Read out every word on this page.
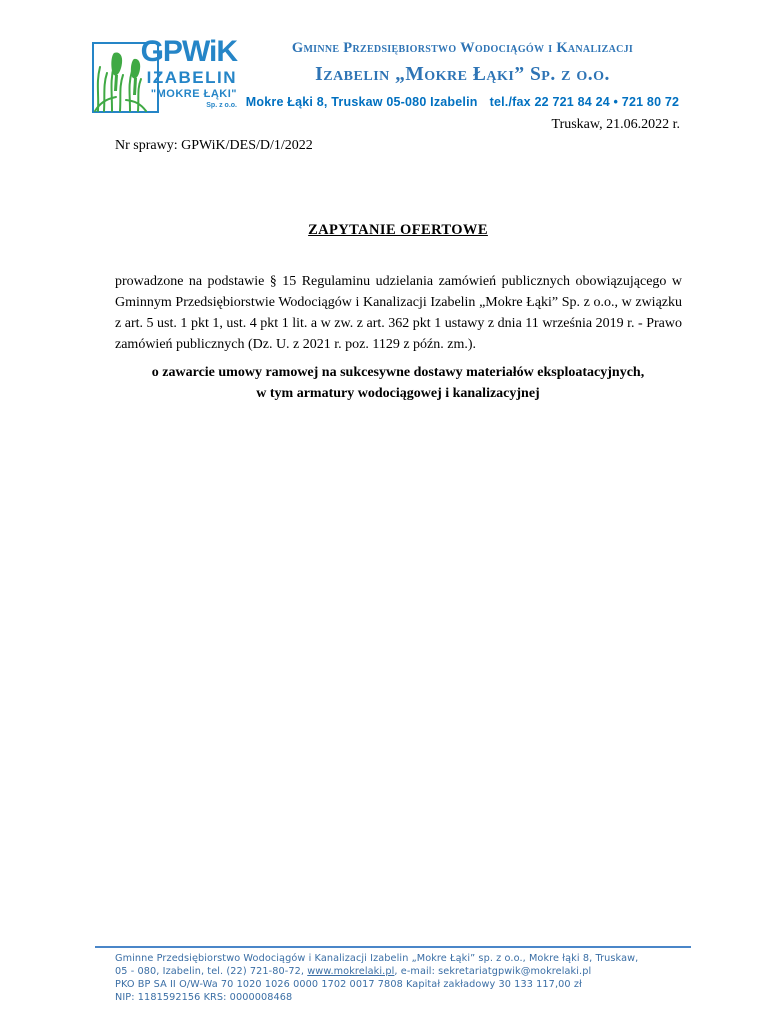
GPWiK
IZABELIN
"MOKRE ŁĄKI"
Sp. z o.o.
Gminne Przedsiębiorstwo Wodociągów i Kanalizacji
Izabelin „Mokre Łąki” Sp. z o.o.
Mokre Łąki 8, Truskaw 05-080 Izabelin tel./fax 22 721 84 24 • 721 80 72
Truskaw, 21.06.2022 r.
Nr sprawy: GPWiK/DES/D/1/2022
ZAPYTANIE OFERTOWE

prowadzone na podstawie § 15 Regulaminu udzielania zamówień publicznych obowiązującego w Gminnym Przedsiębiorstwie Wodociągów i Kanalizacji Izabelin „Mokre Łąki” Sp. z o.o., w związku z art. 5 ust. 1 pkt 1, ust. 4 pkt 1 lit. a w zw. z art. 362 pkt 1 ustawy z dnia 11 września 2019 r. - Prawo zamówień publicznych (Dz. U. z 2021 r. poz. 1129 z późn. zm.).

o zawarcie umowy ramowej na sukcesywne dostawy materiałów eksploatacyjnych,
w tym armatury wodociągowej i kanalizacyjnej
Gminne Przedsiębiorstwo Wodociągów i Kanalizacji Izabelin „Mokre Łąki” sp. z o.o., Mokre łąki 8, Truskaw,
05 - 080, Izabelin, tel. (22) 721-80-72, www.mokrelaki.pl, e-mail: sekretariatgpwik@mokrelaki.pl
PKO BP SA II O/W-Wa 70 1020 1026 0000 1702 0017 7808 Kapitał zakładowy 30 133 117,00 zł
NIP: 1181592156 KRS: 0000008468
